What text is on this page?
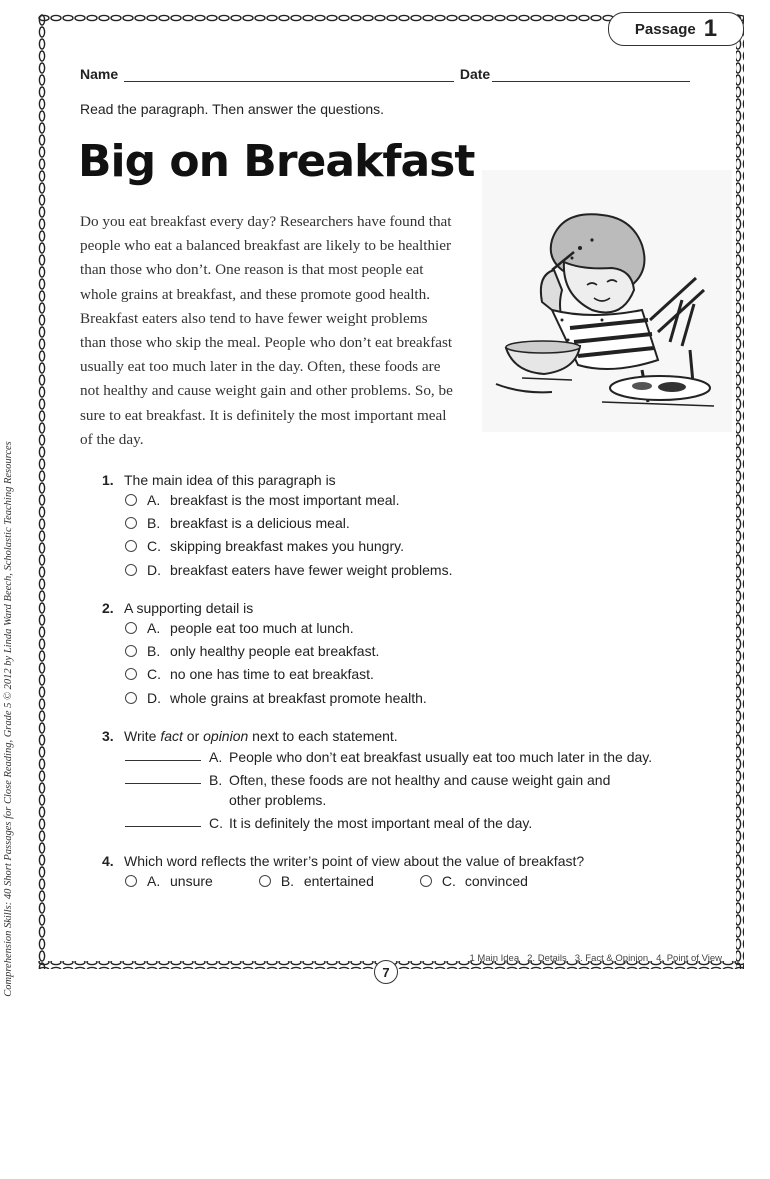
Passage 1
Comprehension Skills: 40 Short Passages for Close Reading, Grade 5 © 2012 by Linda Ward Beech, Scholastic Teaching Resources
Name	Date
Read the paragraph. Then answer the questions.
Big on Breakfast
Do you eat breakfast every day? Researchers have found that people who eat a balanced breakfast are likely to be healthier than those who don’t. One reason is that most people eat whole grains at breakfast, and these promote good health. Breakfast eaters also tend to have fewer weight problems than those who skip the meal. People who don’t eat breakfast usually eat too much later in the day. Often, these foods are not healthy and cause weight gain and other problems. So, be sure to eat breakfast. It is definitely the most important meal of the day.
1. The main idea of this paragraph is
A. breakfast is the most important meal.
B. breakfast is a delicious meal.
C. skipping breakfast makes you hungry.
D. breakfast eaters have fewer weight problems.
2. A supporting detail is
A. people eat too much at lunch.
B. only healthy people eat breakfast.
C. no one has time to eat breakfast.
D. whole grains at breakfast promote health.
3. Write fact or opinion next to each statement.
A. People who don’t eat breakfast usually eat too much later in the day.
B. Often, these foods are not healthy and cause weight gain and other problems.
C. It is definitely the most important meal of the day.
4. Which word reflects the writer’s point of view about the value of breakfast?
A. unsure	B. entertained	C. convinced
1 Main Idea 2. Details 3. Fact & Opinion 4. Point of View
7
